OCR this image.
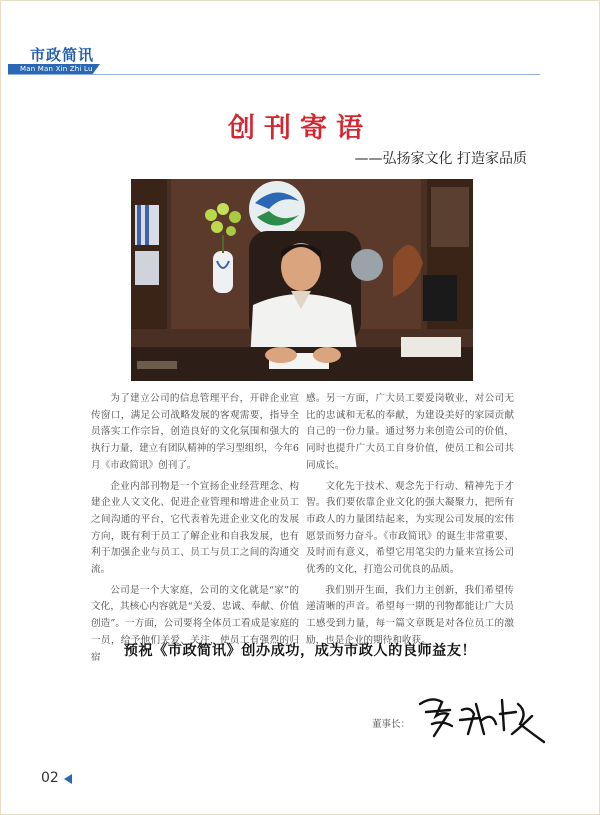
市政简讯
Man Man Xin Zhi Lu
创刊寄语
——弘扬家文化 打造家品质

为了建立公司的信息管理平台，开辟企业宣传窗口，满足公司战略发展的客观需要，指导全员落实工作宗旨，创造良好的文化氛围和强大的执行力量，建立有团队精神的学习型组织，今年6月《市政简讯》创刊了。

企业内部刊物是一个宣扬企业经营理念、构建企业人文文化、促进企业管理和增进企业员工之间沟通的平台，它代表着先进企业文化的发展方向，既有利于员工了解企业和自我发展，也有利于加强企业与员工、员工与员工之间的沟通交流。

公司是一个大家庭，公司的文化就是“家”的文化，其核心内容就是“关爱、忠诚、奉献、价值创造”。一方面，公司要将全体员工看成是家庭的一员，给予他们关爱、关注，使员工有强烈的归宿

感。另一方面，广大员工要爱岗敬业，对公司无比的忠诚和无私的奉献，为建设美好的家园贡献自己的一份力量。通过努力来创造公司的价值，同时也提升广大员工自身价值，使员工和公司共同成长。

文化先于技术、观念先于行动、精神先于才智。我们要依靠企业文化的强大凝聚力，把所有市政人的力量团结起来，为实现公司发展的宏伟愿景而努力奋斗。《市政简讯》的诞生非常重要、及时而有意义，希望它用笔尖的力量来宣扬公司优秀的文化，打造公司优良的品质。

我们别开生面，我们力主创新，我们希望传递清晰的声音。希望每一期的刊物都能让广大员工感受到力量，每一篇文章既是对各位员工的激励，也是企业的期待和收获。

预祝《市政简讯》创办成功，成为市政人的良师益友！
董事长：
02
